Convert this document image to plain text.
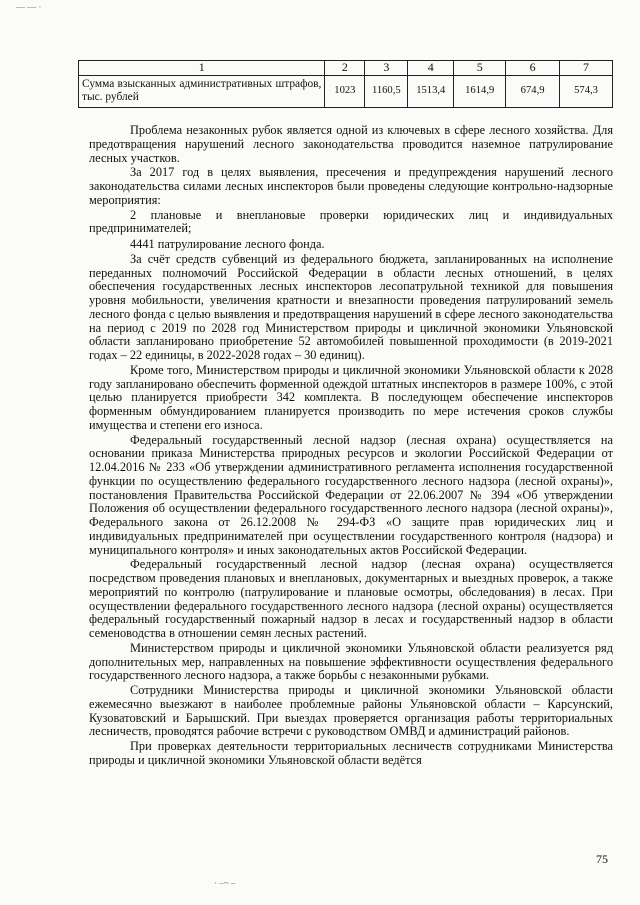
— — ·
1	2	3	4	5	6	7
Сумма взысканных административных штрафов, тыс. рублей	1023	1160,5	1513,4	1614,9	674,9	574,3

Проблема незаконных рубок является одной из ключевых в сфере лесного хозяйства. Для предотвращения нарушений лесного законодательства проводится наземное патрулирование лесных участков.

За 2017 год в целях выявления, пресечения и предупреждения нарушений лесного законодательства силами лесных инспекторов были проведены следующие контрольно-надзорные мероприятия:

2 плановые и внеплановые проверки юридических лиц и индивидуальных предпринимателей;

4441 патрулирование лесного фонда.

За счёт средств субвенций из федерального бюджета, запланированных на исполнение переданных полномочий Российской Федерации в области лесных отношений, в целях обеспечения государственных лесных инспекторов лесопатрульной техникой для повышения уровня мобильности, увеличения кратности и внезапности проведения патрулирований земель лесного фонда с целью выявления и предотвращения нарушений в сфере лесного законодательства на период с 2019 по 2028 год Министерством природы и цикличной экономики Ульяновской области запланировано приобретение 52 автомобилей повышенной проходимости (в 2019-2021 годах – 22 единицы, в 2022-2028 годах – 30 единиц).

Кроме того, Министерством природы и цикличной экономики Ульяновской области к 2028 году запланировано обеспечить форменной одеждой штатных инспекторов в размере 100%, с этой целью планируется приобрести 342 комплекта. В последующем обеспечение инспекторов форменным обмундированием планируется производить по мере истечения сроков службы имущества и степени его износа.

Федеральный государственный лесной надзор (лесная охрана) осуществляется на основании приказа Министерства природных ресурсов и экологии Российской Федерации от 12.04.2016 № 233 «Об утверждении административного регламента исполнения государственной функции по осуществлению федерального государственного лесного надзора (лесной охраны)», постановления Правительства Российской Федерации от 22.06.2007 № 394 «Об утверждении Положения об осуществлении федерального государственного лесного надзора (лесной охраны)», Федерального закона от 26.12.2008 № 294-ФЗ «О защите прав юридических лиц и индивидуальных предпринимателей при осуществлении государственного контроля (надзора) и муниципального контроля» и иных законодательных актов Российской Федерации.

Федеральный государственный лесной надзор (лесная охрана) осуществляется посредством проведения плановых и внеплановых, документарных и выездных проверок, а также мероприятий по контролю (патрулирование и плановые осмотры, обследования) в лесах. При осуществлении федерального государственного лесного надзора (лесной охраны) осуществляется федеральный государственный пожарный надзор в лесах и государственный надзор в области семеноводства в отношении семян лесных растений.

Министерством природы и цикличной экономики Ульяновской области реализуется ряд дополнительных мер, направленных на повышение эффективности осуществления федерального государственного лесного надзора, а также борьбы с незаконными рубками.

Сотрудники Министерства природы и цикличной экономики Ульяновской области ежемесячно выезжают в наиболее проблемные районы Ульяновской области – Карсунский, Кузоватовский и Барышский. При выездах проверяется организация работы территориальных лесничеств, проводятся рабочие встречи с руководством ОМВД и администраций районов.

При проверках деятельности территориальных лесничеств сотрудниками Министерства природы и цикличной экономики Ульяновской области ведётся

· –~ –
75
